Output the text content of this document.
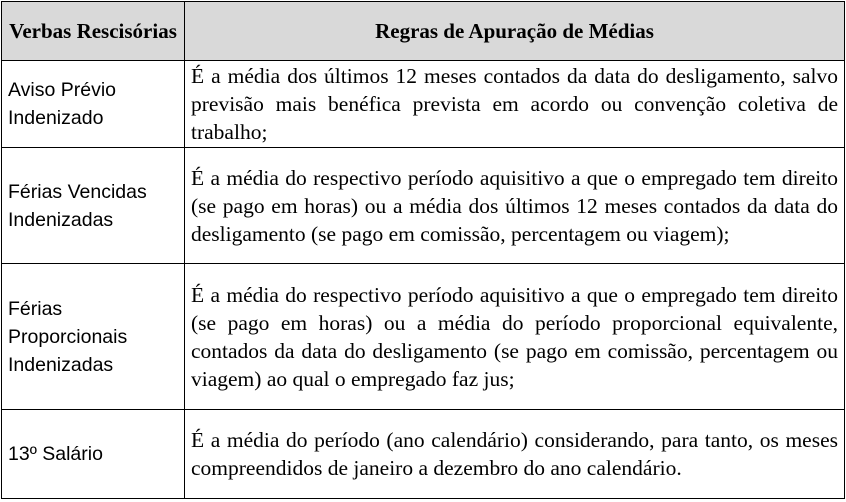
Verbas Rescisórias	Regras de Apuração de Médias
Aviso Prévio Indenizado	É a média dos últimos 12 meses contados da data do desligamento, salvo previsão mais benéfica prevista em acordo ou convenção coletiva de trabalho;
Férias Vencidas Indenizadas	É a média do respectivo período aquisitivo a que o empregado tem direito (se pago em horas) ou a média dos últimos 12 meses contados da data do desligamento (se pago em comissão, percentagem ou viagem);
Férias Proporcionais Indenizadas	É a média do respectivo período aquisitivo a que o empregado tem direito (se pago em horas) ou a média do período proporcional equivalente, contados da data do desligamento (se pago em comissão, percentagem ou viagem) ao qual o empregado faz jus;
13º Salário	É a média do período (ano calendário) considerando, para tanto, os meses compreendidos de janeiro a dezembro do ano calendário.
